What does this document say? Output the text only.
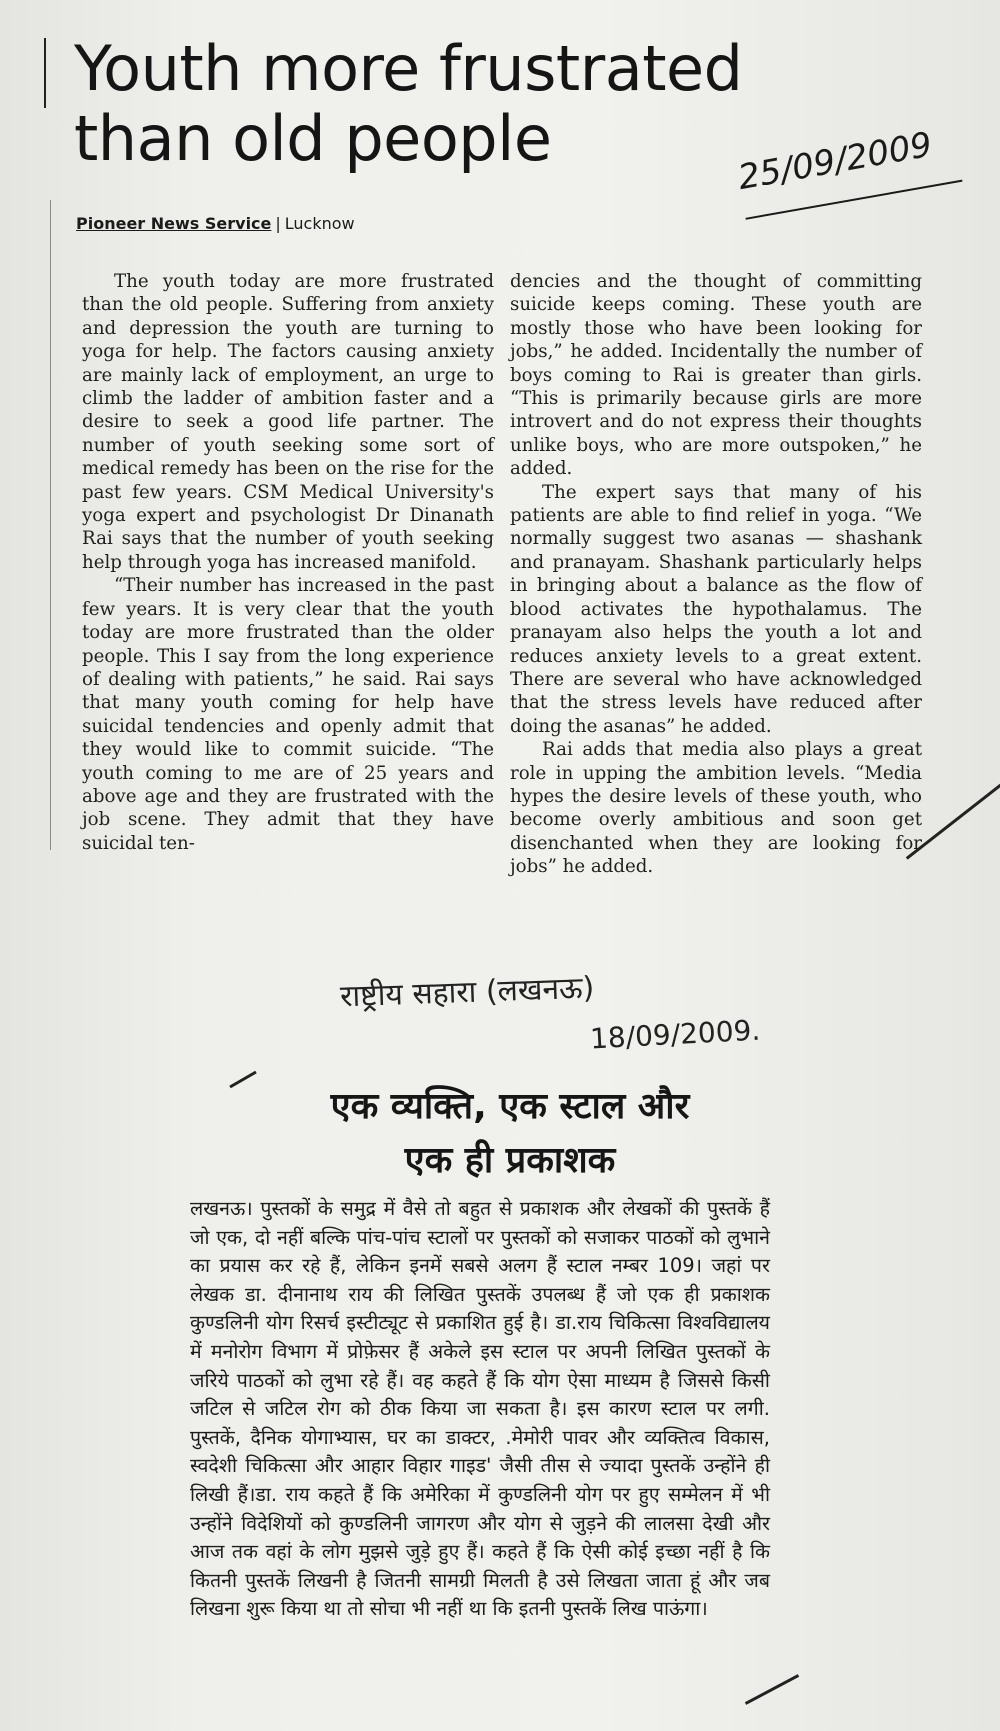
Youth more frustrated
than old people	25/09/2009
Pioneer News Service | Lucknow

The youth today are more frustrated than the old people. Suffering from anxiety and depression the youth are turning to yoga for help. The factors causing anxiety are mainly lack of employment, an urge to climb the ladder of ambition faster and a desire to seek a good life partner. The number of youth seeking some sort of medical remedy has been on the rise for the past few years. CSM Medical University's yoga expert and psychologist Dr Dinanath Rai says that the number of youth seeking help through yoga has increased manifold.

“Their number has increased in the past few years. It is very clear that the youth today are more frustrated than the older people. This I say from the long experience of dealing with patients,” he said. Rai says that many youth coming for help have suicidal tendencies and openly admit that they would like to commit suicide. “The youth coming to me are of 25 years and above age and they are frustrated with the job scene. They admit that they have suicidal ten-

dencies and the thought of committing suicide keeps coming. These youth are mostly those who have been looking for jobs,” he added. Incidentally the number of boys coming to Rai is greater than girls. “This is primarily because girls are more introvert and do not express their thoughts unlike boys, who are more outspoken,” he added.

The expert says that many of his patients are able to find relief in yoga. “We normally suggest two asanas — shashank and pranayam. Shashank particularly helps in bringing about a balance as the flow of blood activates the hypothalamus. The pranayam also helps the youth a lot and reduces anxiety levels to a great extent. There are several who have acknowledged that the stress levels have reduced after doing the asanas” he added.

Rai adds that media also plays a great role in upping the ambition levels. “Media hypes the desire levels of these youth, who become overly ambitious and soon get disenchanted when they are looking for jobs” he added.

राष्ट्रीय सहारा (लखनऊ)
18/09/2009.
एक व्यक्ति, एक स्टाल और
एक ही प्रकाशक

लखनऊ। पुस्तकों के समुद्र में वैसे तो बहुत से प्रकाशक और लेखकों की पुस्तकें हैं जो एक, दो नहीं बल्कि पांच-पांच स्टालों पर पुस्तकों को सजाकर पाठकों को लुभाने का प्रयास कर रहे हैं, लेकिन इनमें सबसे अलग हैं स्टाल नम्बर 109। जहां पर लेखक डा. दीनानाथ राय की लिखित पुस्तकें उपलब्ध हैं जो एक ही प्रकाशक कुण्डलिनी योग रिसर्च इस्टीट्यूट से प्रकाशित हुई है। डा.राय चिकित्सा विश्वविद्यालय में मनोरोग विभाग में प्रोफ़ेसर हैं अकेले इस स्टाल पर अपनी लिखित पुस्तकों के जरिये पाठकों को लुभा रहे हैं। वह कहते हैं कि योग ऐसा माध्यम है जिससे किसी जटिल से जटिल रोग को ठीक किया जा सकता है। इस कारण स्टाल पर लगी. पुस्तकें, दैनिक योगाभ्यास, घर का डाक्टर, .मेमोरी पावर और व्यक्तित्व विकास, स्वदेशी चिकित्सा और आहार विहार गाइड' जैसी तीस से ज्यादा पुस्तकें उन्होंने ही लिखी हैं।डा. राय कहते हैं कि अमेरिका में कुण्डलिनी योग पर हुए सम्मेलन में भी उन्होंने विदेशियों को कुण्डलिनी जागरण और योग से जुड़ने की लालसा देखी और आज तक वहां के लोग मुझसे जुड़े हुए हैं। कहते हैं कि ऐसी कोई इच्छा नहीं है कि कितनी पुस्तकें लिखनी है जितनी सामग्री मिलती है उसे लिखता जाता हूं और जब लिखना शुरू किया था तो सोचा भी नहीं था कि इतनी पुस्तकें लिख पाऊंगा।
